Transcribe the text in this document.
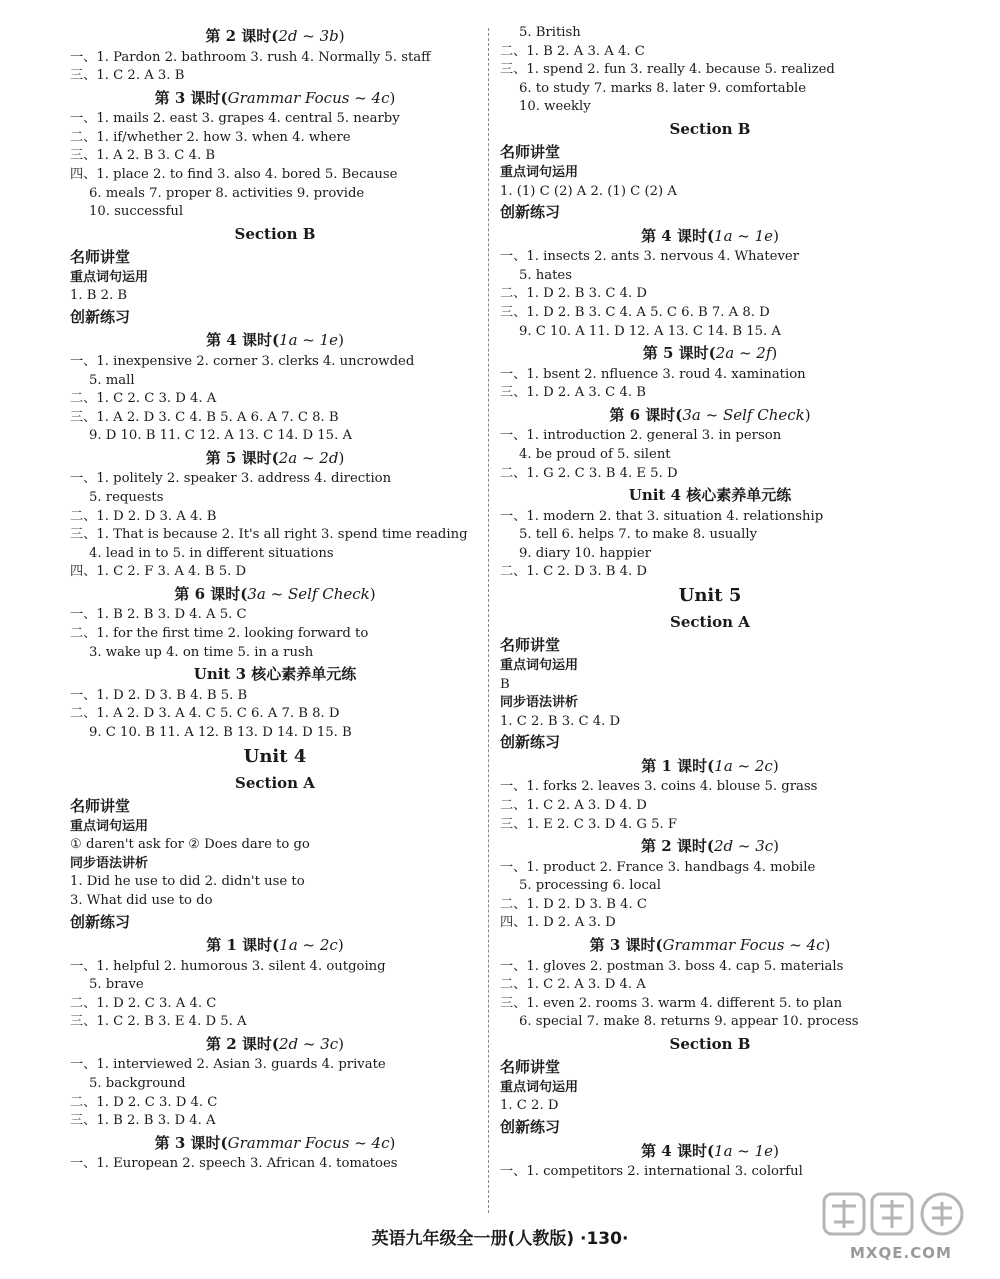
第 2 课时(2d ~ 3b)
一、1. Pardon 2. bathroom 3. rush 4. Normally 5. staff
三、1. C 2. A 3. B
第 3 课时(Grammar Focus ~ 4c)
一、1. mails 2. east 3. grapes 4. central 5. nearby
二、1. if/whether 2. how 3. when 4. where
三、1. A 2. B 3. C 4. B
四、1. place 2. to find 3. also 4. bored 5. Because
6. meals 7. proper 8. activities 9. provide
10. successful
Section B
名师讲堂
重点词句运用
1. B 2. B
创新练习
第 4 课时(1a ~ 1e)
一、1. inexpensive 2. corner 3. clerks 4. uncrowded
5. mall
二、1. C 2. C 3. D 4. A
三、1. A 2. D 3. C 4. B 5. A 6. A 7. C 8. B
9. D 10. B 11. C 12. A 13. C 14. D 15. A
第 5 课时(2a ~ 2d)
一、1. politely 2. speaker 3. address 4. direction
5. requests
二、1. D 2. D 3. A 4. B
三、1. That is because 2. It's all right 3. spend time reading
4. lead in to 5. in different situations
四、1. C 2. F 3. A 4. B 5. D
第 6 课时(3a ~ Self Check)
一、1. B 2. B 3. D 4. A 5. C
二、1. for the first time 2. looking forward to
3. wake up 4. on time 5. in a rush
Unit 3 核心素养单元练
一、1. D 2. D 3. B 4. B 5. B
二、1. A 2. D 3. A 4. C 5. C 6. A 7. B 8. D
9. C 10. B 11. A 12. B 13. D 14. D 15. B
Unit 4
Section A
名师讲堂
重点词句运用
① daren't ask for ② Does dare to go
同步语法讲析
1. Did he use to did 2. didn't use to
3. What did use to do
创新练习
第 1 课时(1a ~ 2c)
一、1. helpful 2. humorous 3. silent 4. outgoing
5. brave
二、1. D 2. C 3. A 4. C
三、1. C 2. B 3. E 4. D 5. A
第 2 课时(2d ~ 3c)
一、1. interviewed 2. Asian 3. guards 4. private
5. background
二、1. D 2. C 3. D 4. C
三、1. B 2. B 3. D 4. A
第 3 课时(Grammar Focus ~ 4c)
一、1. European 2. speech 3. African 4. tomatoes
5. British
二、1. B 2. A 3. A 4. C
三、1. spend 2. fun 3. really 4. because 5. realized
6. to study 7. marks 8. later 9. comfortable
10. weekly
Section B
名师讲堂
重点词句运用
1. (1) C (2) A 2. (1) C (2) A
创新练习
第 4 课时(1a ~ 1e)
一、1. insects 2. ants 3. nervous 4. Whatever
5. hates
二、1. D 2. B 3. C 4. D
三、1. D 2. B 3. C 4. A 5. C 6. B 7. A 8. D
9. C 10. A 11. D 12. A 13. C 14. B 15. A
第 5 课时(2a ~ 2f)
一、1. bsent 2. nfluence 3. roud 4. xamination
三、1. D 2. A 3. C 4. B
第 6 课时(3a ~ Self Check)
一、1. introduction 2. general 3. in person
4. be proud of 5. silent
二、1. G 2. C 3. B 4. E 5. D
Unit 4 核心素养单元练
一、1. modern 2. that 3. situation 4. relationship
5. tell 6. helps 7. to make 8. usually
9. diary 10. happier
二、1. C 2. D 3. B 4. D
Unit 5
Section A
名师讲堂
重点词句运用
B
同步语法讲析
1. C 2. B 3. C 4. D
创新练习
第 1 课时(1a ~ 2c)
一、1. forks 2. leaves 3. coins 4. blouse 5. grass
二、1. C 2. A 3. D 4. D
三、1. E 2. C 3. D 4. G 5. F
第 2 课时(2d ~ 3c)
一、1. product 2. France 3. handbags 4. mobile
5. processing 6. local
二、1. D 2. D 3. B 4. C
四、1. D 2. A 3. D
第 3 课时(Grammar Focus ~ 4c)
一、1. gloves 2. postman 3. boss 4. cap 5. materials
二、1. C 2. A 3. D 4. A
三、1. even 2. rooms 3. warm 4. different 5. to plan
6. special 7. make 8. returns 9. appear 10. process
Section B
名师讲堂
重点词句运用
1. C 2. D
创新练习
第 4 课时(1a ~ 1e)
一、1. competitors 2. international 3. colorful
英语九年级全一册(人教版) ·130·
MXQE.COM
